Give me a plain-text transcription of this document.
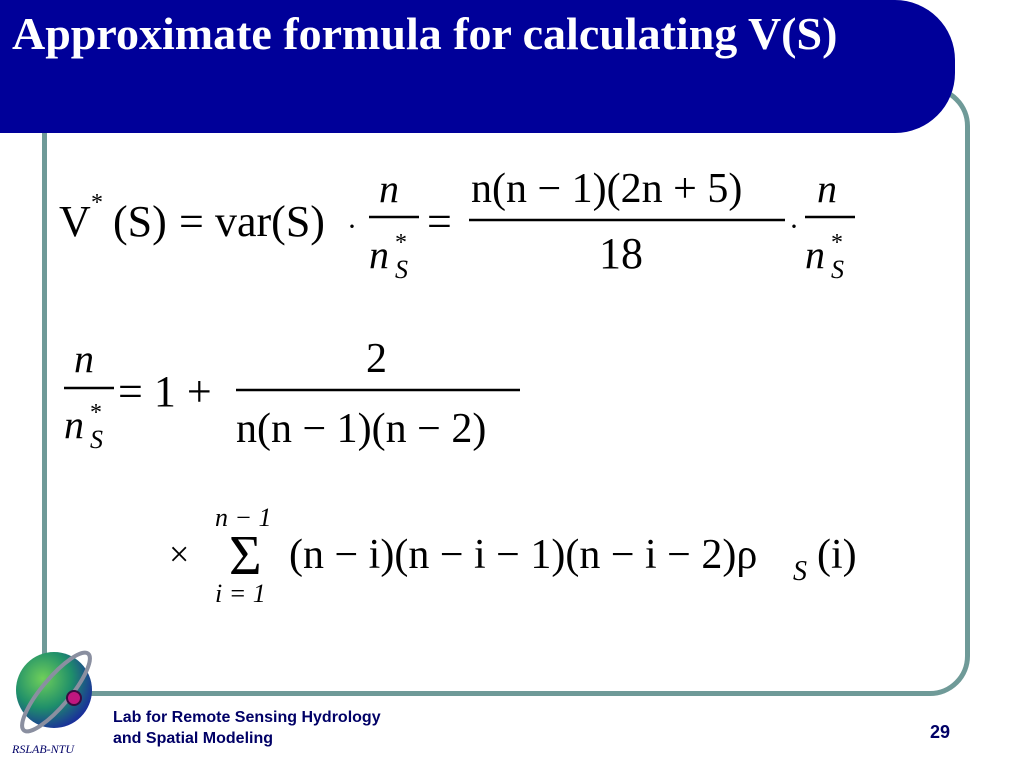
Approximate formula for calculating V(S)
V * (S) = var(S) ·
n
n *
S
=
n(n − 1)(2n + 5)
18
·
n
n *
S
n
n *
S
= 1 +
2
n(n − 1)(n − 2)
×
n − 1
Σ
i = 1
(n − i)(n − i − 1)(n − i − 2)ρ S (i)
RSLAB-NTU
Lab for Remote Sensing Hydrology
and Spatial Modeling	29
